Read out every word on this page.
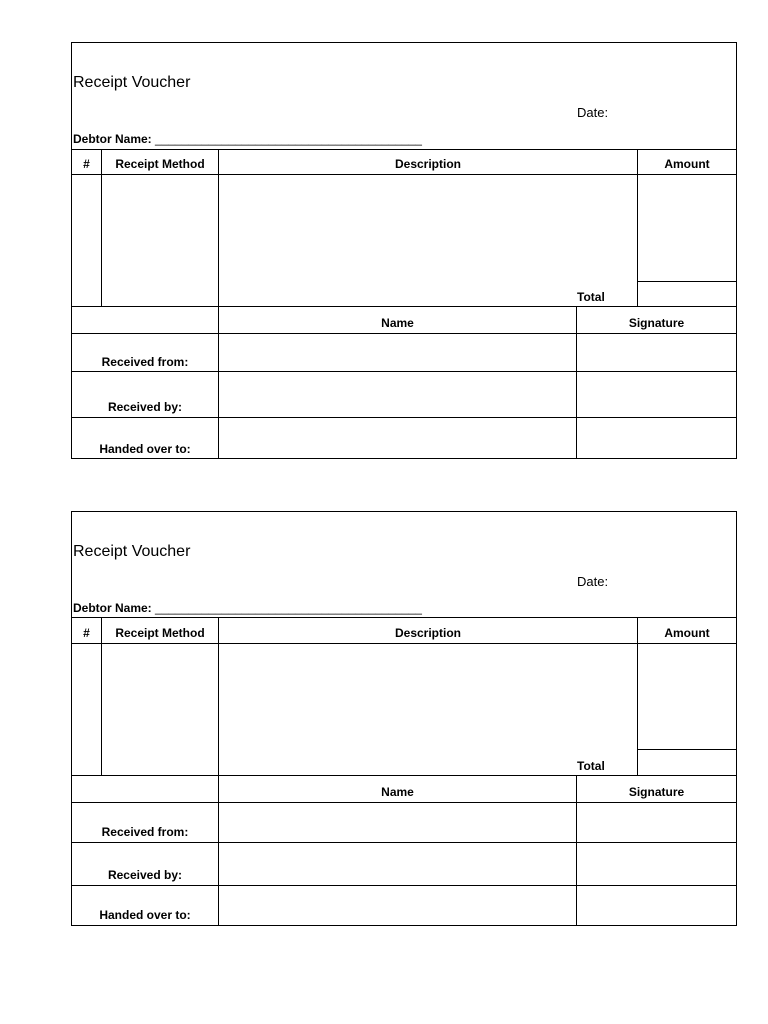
Receipt Voucher
Date:
Debtor Name: ________________________________________
#	Receipt Method	Description	Amount
Total
Name	Signature
Received from:
Received by:
Handed over to:
Receipt Voucher
Date:
Debtor Name: ________________________________________
#	Receipt Method	Description	Amount
Total
Name	Signature
Received from:
Received by:
Handed over to:
